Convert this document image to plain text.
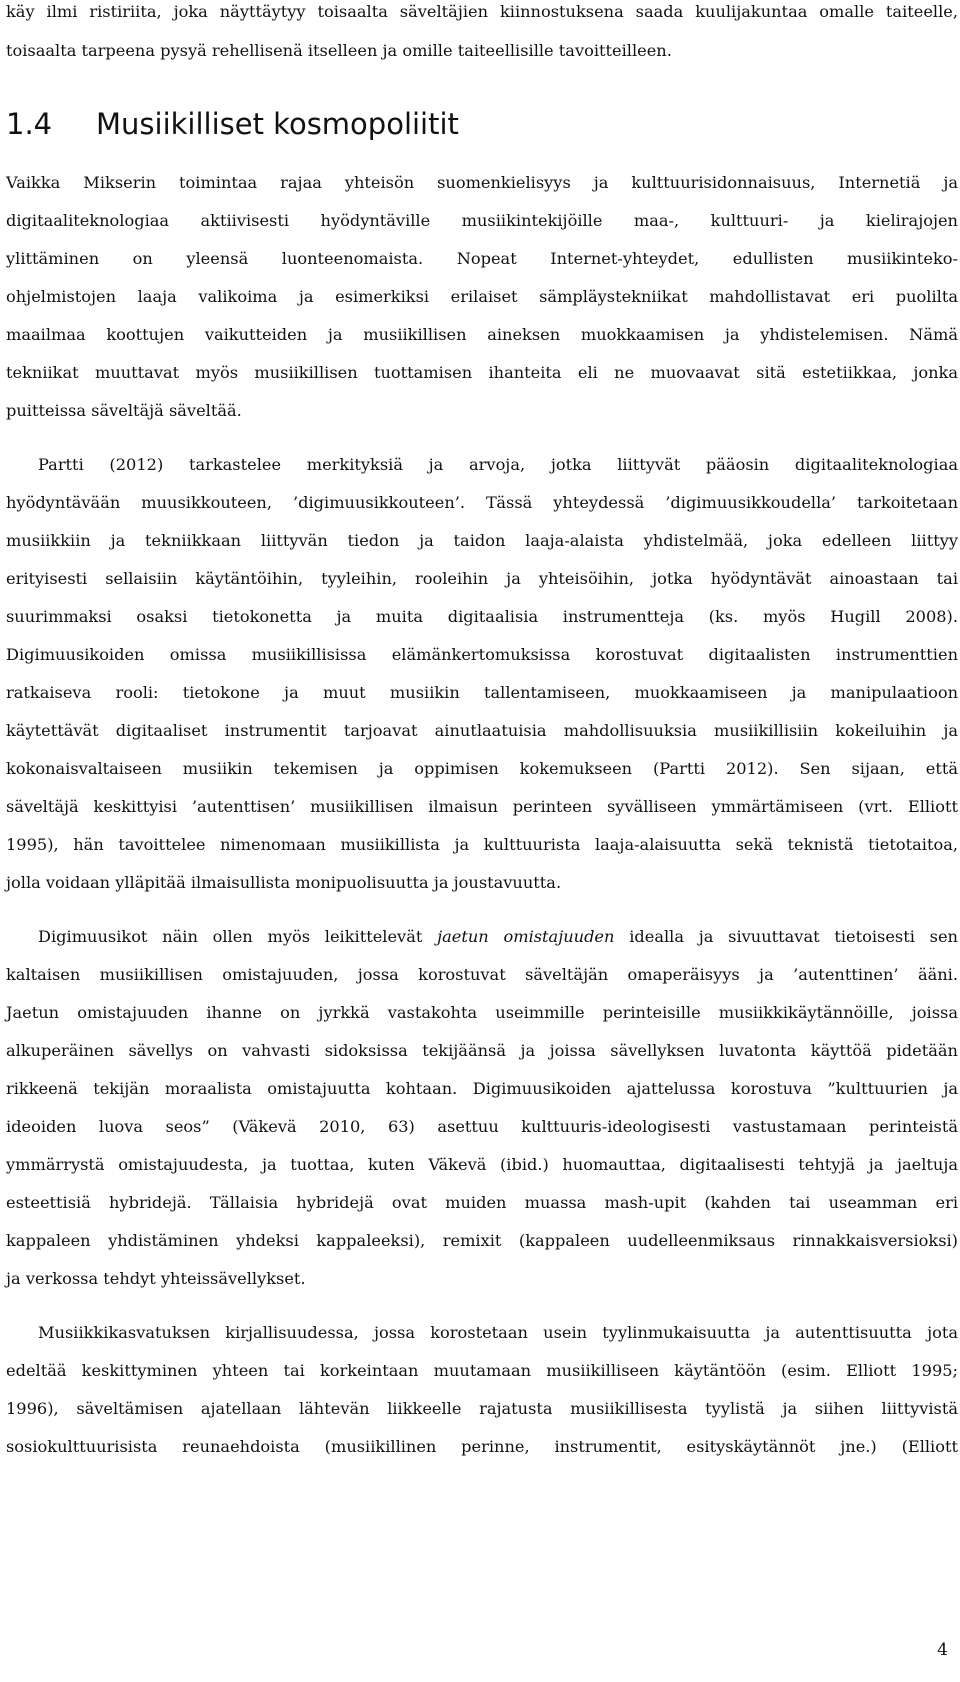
käy ilmi ristiriita, joka näyttäytyy toisaalta säveltäjien kiinnostuksena saada kuulijakuntaa omalle taiteelle,
toisaalta tarpeena pysyä rehellisenä itselleen ja omille taiteellisille tavoitteilleen.
1.4 Musiikilliset kosmopoliitit
Vaikka Mikserin toimintaa rajaa yhteisön suomenkielisyys ja kulttuurisidonnaisuus, Internetiä ja
digitaaliteknologiaa aktiivisesti hyödyntäville musiikintekijöille maa-, kulttuuri- ja kielirajojen
ylittäminen on yleensä luonteenomaista. Nopeat Internet-yhteydet, edullisten musiikinteko-
ohjelmistojen laaja valikoima ja esimerkiksi erilaiset sämpläystekniikat mahdollistavat eri puolilta
maailmaa koottujen vaikutteiden ja musiikillisen aineksen muokkaamisen ja yhdistelemisen. Nämä
tekniikat muuttavat myös musiikillisen tuottamisen ihanteita eli ne muovaavat sitä estetiikkaa, jonka
puitteissa säveltäjä säveltää.
Partti (2012) tarkastelee merkityksiä ja arvoja, jotka liittyvät pääosin digitaaliteknologiaa
hyödyntävään muusikkouteen, ’digimuusikkouteen’. Tässä yhteydessä ’digimuusikkoudella’ tarkoitetaan
musiikkiin ja tekniikkaan liittyvän tiedon ja taidon laaja-alaista yhdistelmää, joka edelleen liittyy
erityisesti sellaisiin käytäntöihin, tyyleihin, rooleihin ja yhteisöihin, jotka hyödyntävät ainoastaan tai
suurimmaksi osaksi tietokonetta ja muita digitaalisia instrumentteja (ks. myös Hugill 2008).
Digimuusikoiden omissa musiikillisissa elämänkertomuksissa korostuvat digitaalisten instrumenttien
ratkaiseva rooli: tietokone ja muut musiikin tallentamiseen, muokkaamiseen ja manipulaatioon
käytettävät digitaaliset instrumentit tarjoavat ainutlaatuisia mahdollisuuksia musiikillisiin kokeiluihin ja
kokonaisvaltaiseen musiikin tekemisen ja oppimisen kokemukseen (Partti 2012). Sen sijaan, että
säveltäjä keskittyisi ’autenttisen’ musiikillisen ilmaisun perinteen syvälliseen ymmärtämiseen (vrt. Elliott
1995), hän tavoittelee nimenomaan musiikillista ja kulttuurista laaja-alaisuutta sekä teknistä tietotaitoa,
jolla voidaan ylläpitää ilmaisullista monipuolisuutta ja joustavuutta.
Digimuusikot näin ollen myös leikittelevät jaetun omistajuuden idealla ja sivuuttavat tietoisesti sen
kaltaisen musiikillisen omistajuuden, jossa korostuvat säveltäjän omaperäisyys ja ’autenttinen’ ääni.
Jaetun omistajuuden ihanne on jyrkkä vastakohta useimmille perinteisille musiikkikäytännöille, joissa
alkuperäinen sävellys on vahvasti sidoksissa tekijäänsä ja joissa sävellyksen luvatonta käyttöä pidetään
rikkeenä tekijän moraalista omistajuutta kohtaan. Digimuusikoiden ajattelussa korostuva ”kulttuurien ja
ideoiden luova seos” (Väkevä 2010, 63) asettuu kulttuuris-ideologisesti vastustamaan perinteistä
ymmärrystä omistajuudesta, ja tuottaa, kuten Väkevä (ibid.) huomauttaa, digitaalisesti tehtyjä ja jaeltuja
esteettisiä hybridejä. Tällaisia hybridejä ovat muiden muassa mash-upit (kahden tai useamman eri
kappaleen yhdistäminen yhdeksi kappaleeksi), remixit (kappaleen uudelleenmiksaus rinnakkaisversioksi)
ja verkossa tehdyt yhteissävellykset.
Musiikkikasvatuksen kirjallisuudessa, jossa korostetaan usein tyylinmukaisuutta ja autenttisuutta jota
edeltää keskittyminen yhteen tai korkeintaan muutamaan musiikilliseen käytäntöön (esim. Elliott 1995;
1996), säveltämisen ajatellaan lähtevän liikkeelle rajatusta musiikillisesta tyylistä ja siihen liittyvistä
sosiokulttuurisista reunaehdoista (musiikillinen perinne, instrumentit, esityskäytännöt jne.) (Elliott
4
